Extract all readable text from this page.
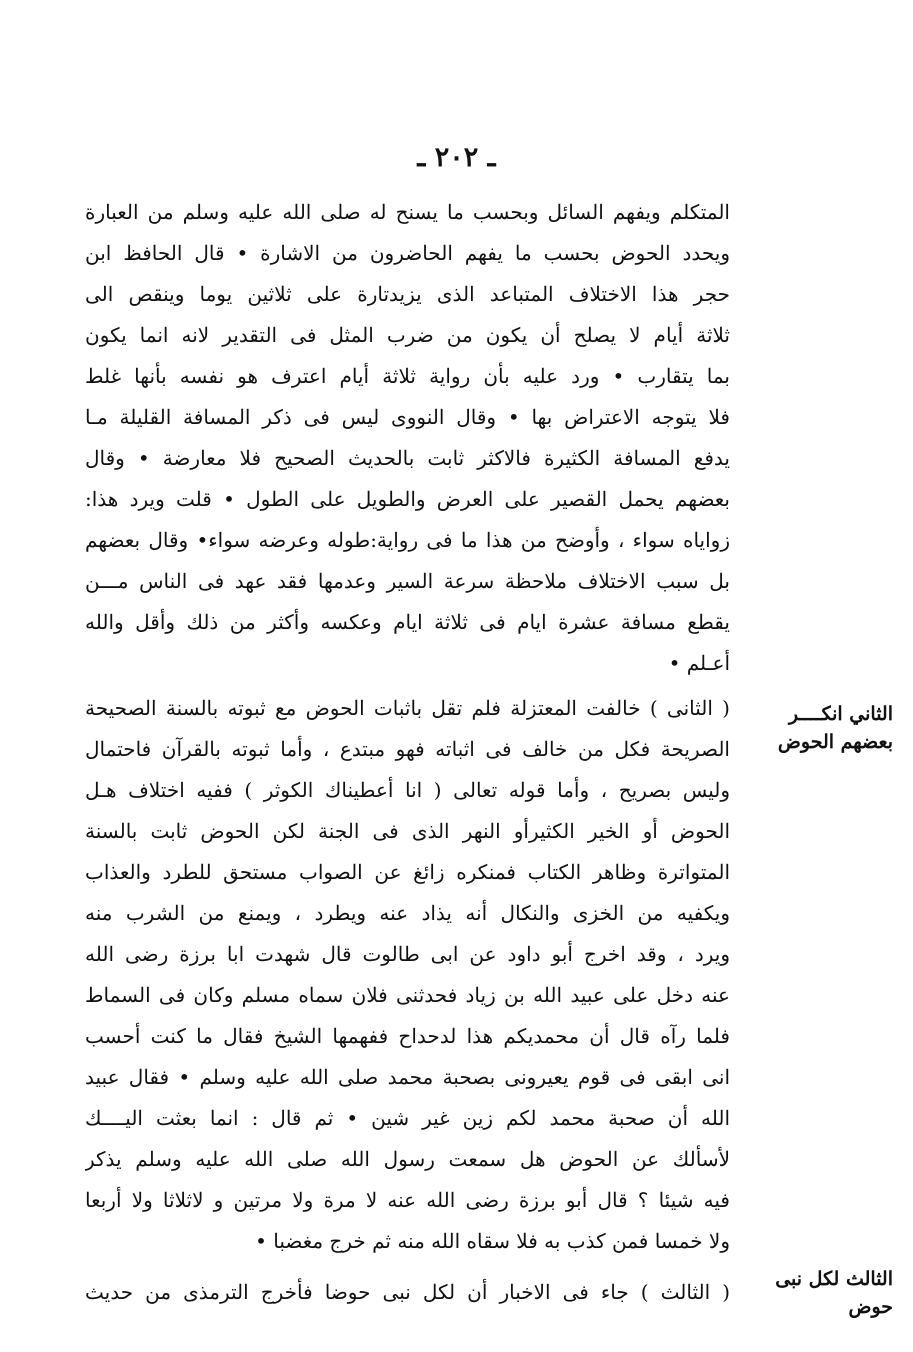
ـ ٢٠٢ ـ
المتكلم ويفهم السائل وبحسب ما يسنح له صلى الله عليه وسلم من العبارة
ويحدد الحوض بحسب ما يفهم الحاضرون من الاشارة • قال الحافظ ابن
حجر هذا الاختلاف المتباعد الذى يزيدتارة على ثلاثين يوما وينقص الى
ثلاثة أيام لا يصلح أن يكون من ضرب المثل فى التقدير لانه انما يكون
بما يتقارب • ورد عليه بأن رواية ثلاثة أيام اعترف هو نفسه بأنها غلط
فلا يتوجه الاعتراض بها • وقال النووى ليس فى ذكر المسافة القليلة مـا
يدفع المسافة الكثيرة فالاكثر ثابت بالحديث الصحيح فلا معارضة • وقال
بعضهم يحمل القصير على العرض والطويل على الطول • قلت ويرد هذا:
زواياه سواء ، وأوضح من هذا ما فى رواية:طوله وعرضه سواء• وقال بعضهم
بل سبب الاختلاف ملاحظة سرعة السير وعدمها فقد عهد فى الناس مـــن
يقطع مسافة عشرة ايام فى ثلاثة ايام وعكسه وأكثر من ذلك وأقل والله
أعـلم •
الثاني انكــــر بعضهم الحوض
( الثانى ) خالفت المعتزلة فلم تقل باثبات الحوض مع ثبوته بالسنة الصحيحة
الصريحة فكل من خالف فى اثباته فهو مبتدع ، وأما ثبوته بالقرآن فاحتمال
وليس بصريح ، وأما قوله تعالى ( انا أعطيناك الكوثر ) ففيه اختلاف هـل
الحوض أو الخير الكثيرأو النهر الذى فى الجنة لكن الحوض ثابت بالسنة
المتواترة وظاهر الكتاب فمنكره زائغ عن الصواب مستحق للطرد والعذاب
ويكفيه من الخزى والنكال أنه يذاد عنه ويطرد ، ويمنع من الشرب منه
ويرد ، وقد اخرج أبو داود عن ابى طالوت قال شهدت ابا برزة رضى الله
عنه دخل على عبيد الله بن زياد فحدثنى فلان سماه مسلم وكان فى السماط
فلما رآه قال أن محمديكم هذا لدحداح ففهمها الشيخ فقال ما كنت أحسب
انى ابقى فى قوم يعيرونى بصحبة محمد صلى الله عليه وسلم • فقال عبيد
الله أن صحبة محمد لكم زين غير شين • ثم قال : انما بعثت اليــــك
لأسألك عن الحوض هل سمعت رسول الله صلى الله عليه وسلم يذكر
فيه شيئا ؟ قال أبو برزة رضى الله عنه لا مرة ولا مرتين و لاثلاثا ولا أربعا
ولا خمسا فمن كذب به فلا سقاه الله منه ثم خرج مغضبا •
الثالث لكل نبى حوض
( الثالث ) جاء فى الاخبار أن لكل نبى حوضا فأخرج الترمذى من حديث
